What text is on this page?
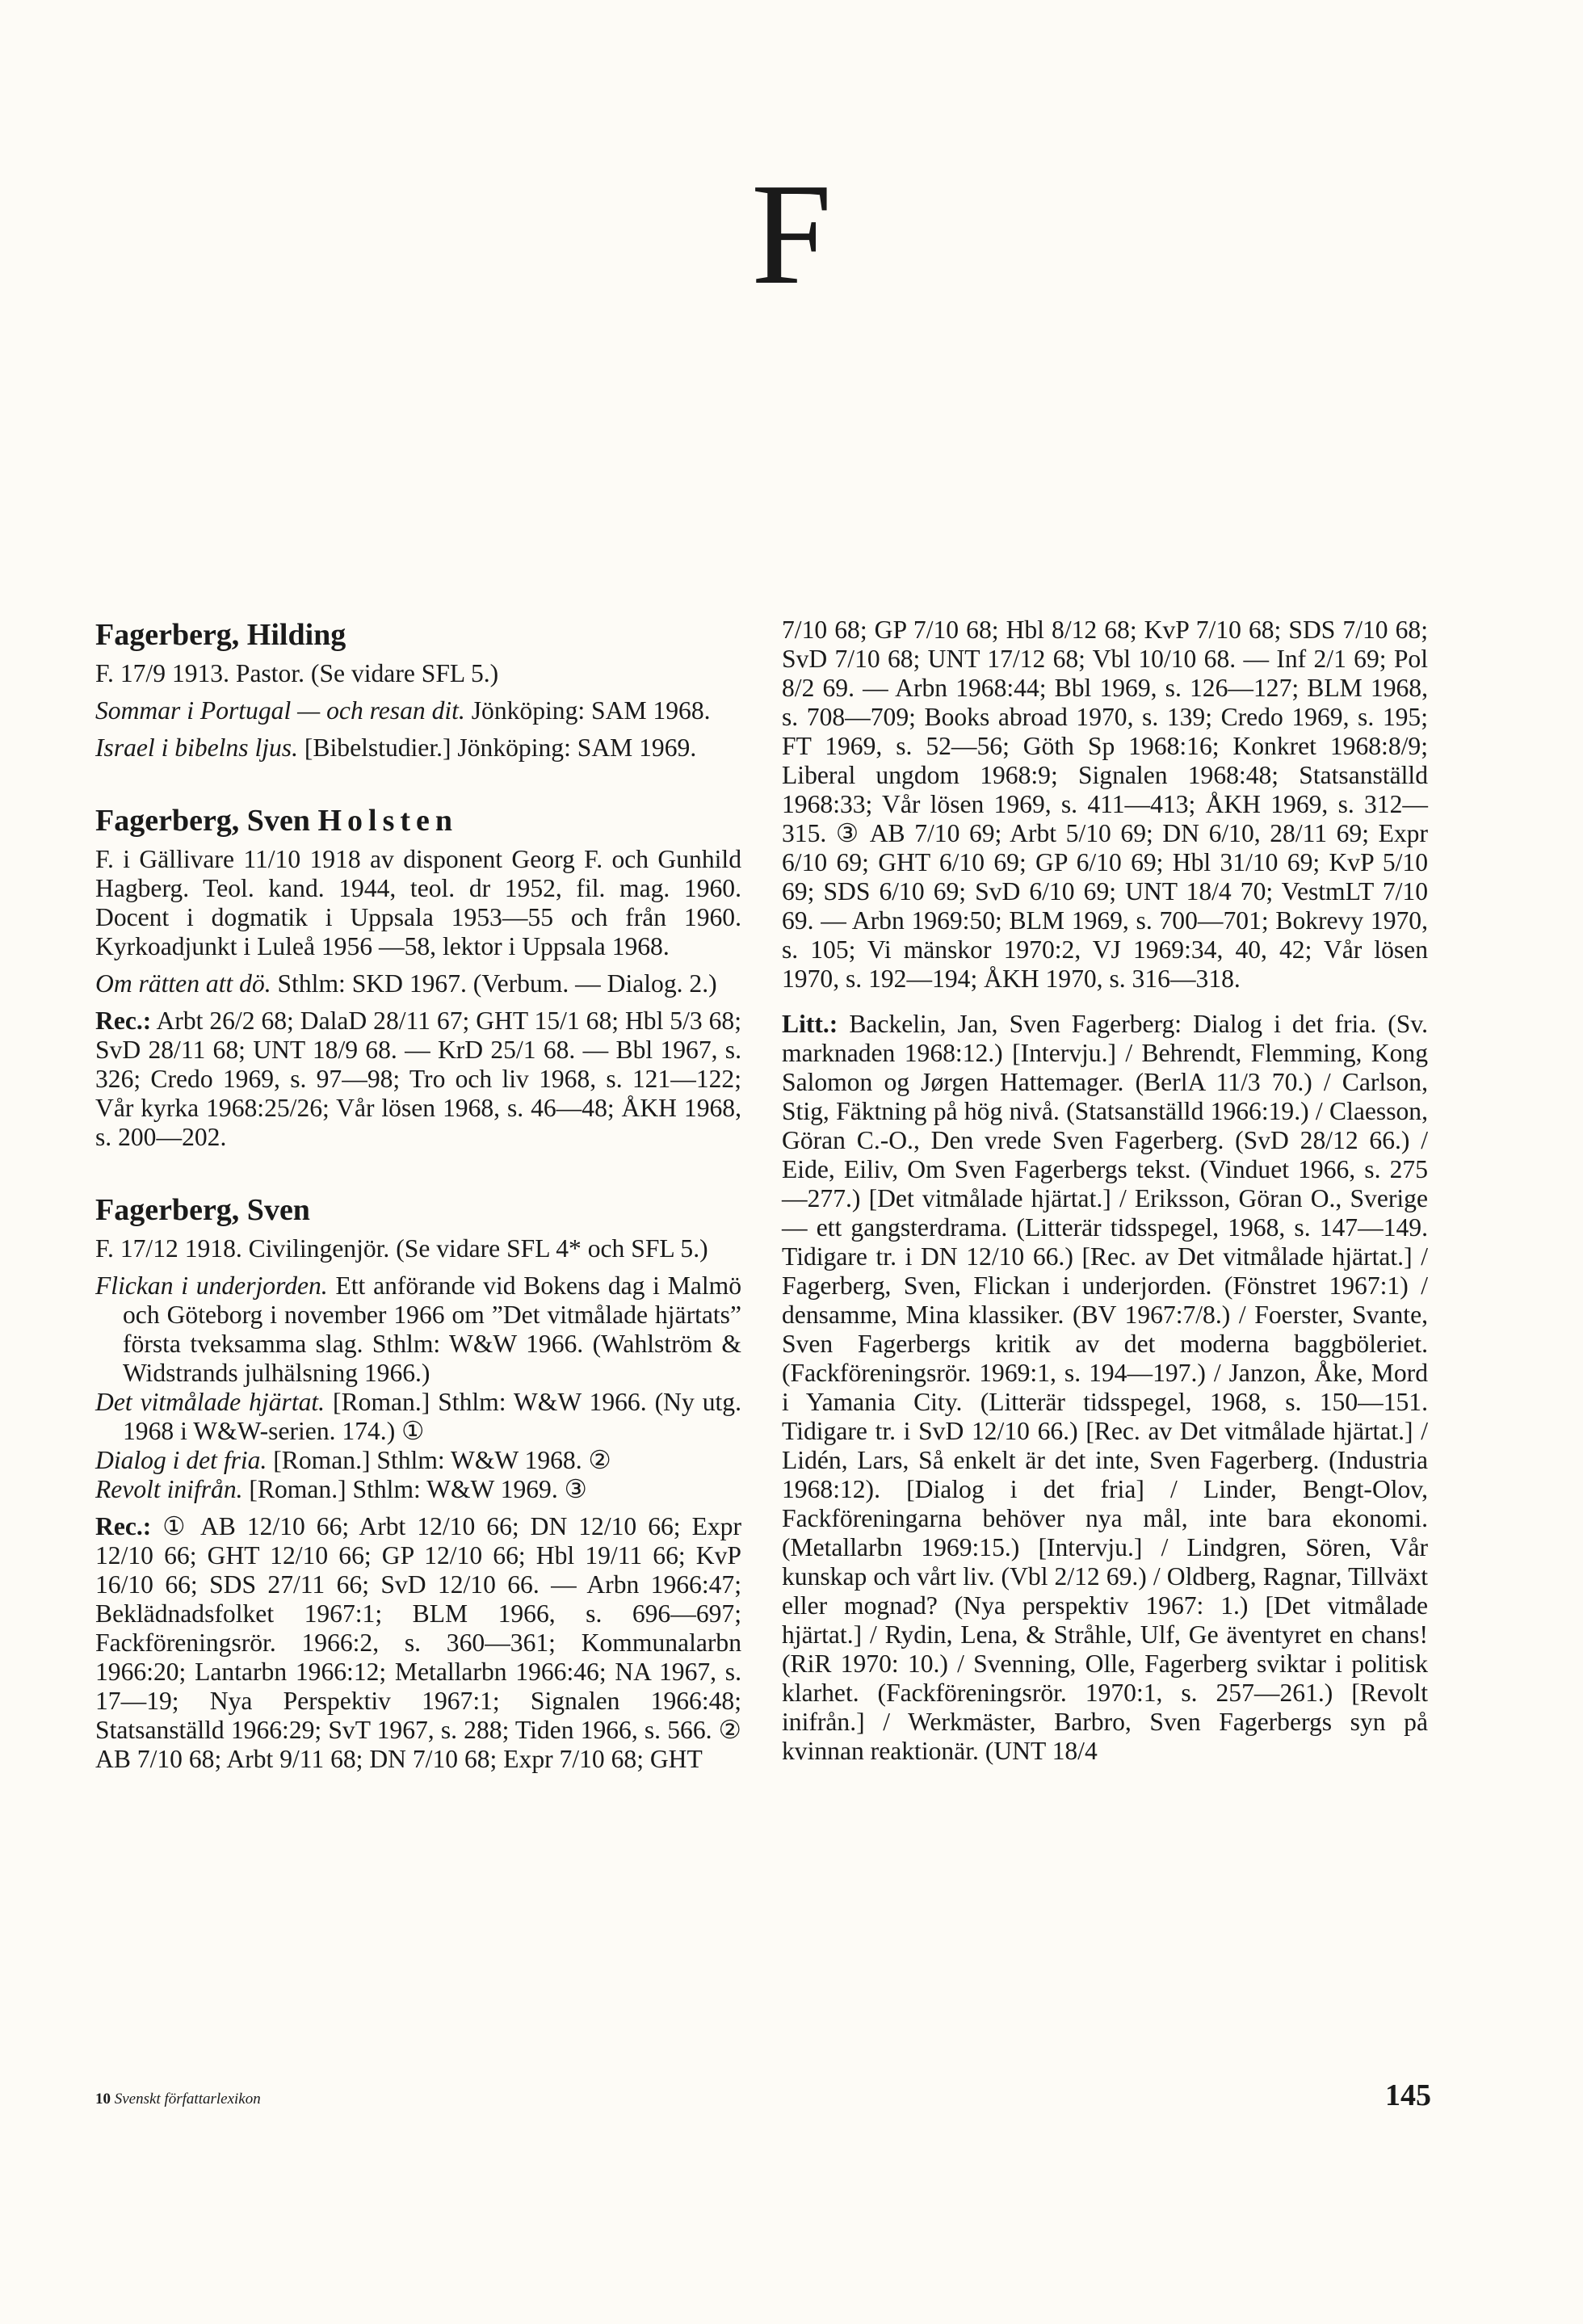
F
Fagerberg, Hilding
F. 17/9 1913. Pastor. (Se vidare SFL 5.)
Sommar i Portugal — och resan dit. Jönköping: SAM 1968.
Israel i bibelns ljus. [Bibelstudier.] Jönköping: SAM 1969.
Fagerberg, Sven Holsten
F. i Gällivare 11/10 1918 av disponent Georg F. och Gunhild Hagberg. Teol. kand. 1944, teol. dr 1952, fil. mag. 1960. Docent i dogmatik i Uppsala 1953—55 och från 1960. Kyrkoadjunkt i Luleå 1956 —58, lektor i Uppsala 1968.
Om rätten att dö. Sthlm: SKD 1967. (Verbum. — Dialog. 2.)
Rec.: Arbt 26/2 68; DalaD 28/11 67; GHT 15/1 68; Hbl 5/3 68; SvD 28/11 68; UNT 18/9 68. — KrD 25/1 68. — Bbl 1967, s. 326; Credo 1969, s. 97—98; Tro och liv 1968, s. 121—122; Vår kyrka 1968:25/26; Vår lösen 1968, s. 46—48; ÅKH 1968, s. 200—202.
Fagerberg, Sven
F. 17/12 1918. Civilingenjör. (Se vidare SFL 4* och SFL 5.)
Flickan i underjorden. Ett anförande vid Bokens dag i Malmö och Göteborg i november 1966 om ”Det vitmålade hjärtats” första tveksamma slag. Sthlm: W&W 1966. (Wahlström & Widstrands julhälsning 1966.)
Det vitmålade hjärtat. [Roman.] Sthlm: W&W 1966. (Ny utg. 1968 i W&W-serien. 174.) ①
Dialog i det fria. [Roman.] Sthlm: W&W 1968. ②
Revolt inifrån. [Roman.] Sthlm: W&W 1969. ③
Rec.: ① AB 12/10 66; Arbt 12/10 66; DN 12/10 66; Expr 12/10 66; GHT 12/10 66; GP 12/10 66; Hbl 19/11 66; KvP 16/10 66; SDS 27/11 66; SvD 12/10 66. — Arbn 1966:47; Beklädnadsfolket 1967:1; BLM 1966, s. 696—697; Fackföreningsrör. 1966:2, s. 360—361; Kommunalarbn 1966:20; Lantarbn 1966:12; Metallarbn 1966:46; NA 1967, s. 17—19; Nya Perspektiv 1967:1; Signalen 1966:48; Statsanställd 1966:29; SvT 1967, s. 288; Tiden 1966, s. 566. ② AB 7/10 68; Arbt 9/11 68; DN 7/10 68; Expr 7/10 68; GHT
7/10 68; GP 7/10 68; Hbl 8/12 68; KvP 7/10 68; SDS 7/10 68; SvD 7/10 68; UNT 17/12 68; Vbl 10/10 68. — Inf 2/1 69; Pol 8/2 69. — Arbn 1968:44; Bbl 1969, s. 126—127; BLM 1968, s. 708—709; Books abroad 1970, s. 139; Credo 1969, s. 195; FT 1969, s. 52—56; Göth Sp 1968:16; Konkret 1968:8/9; Liberal ungdom 1968:9; Signalen 1968:48; Statsanställd 1968:33; Vår lösen 1969, s. 411—413; ÅKH 1969, s. 312—315. ③ AB 7/10 69; Arbt 5/10 69; DN 6/10, 28/11 69; Expr 6/10 69; GHT 6/10 69; GP 6/10 69; Hbl 31/10 69; KvP 5/10 69; SDS 6/10 69; SvD 6/10 69; UNT 18/4 70; VestmLT 7/10 69. — Arbn 1969:50; BLM 1969, s. 700—701; Bokrevy 1970, s. 105; Vi mänskor 1970:2, VJ 1969:34, 40, 42; Vår lösen 1970, s. 192—194; ÅKH 1970, s. 316—318.
Litt.: Backelin, Jan, Sven Fagerberg: Dialog i det fria. (Sv. marknaden 1968:12.) [Intervju.] / Behrendt, Flemming, Kong Salomon og Jørgen Hattemager. (BerlA 11/3 70.) / Carlson, Stig, Fäktning på hög nivå. (Statsanställd 1966:19.) / Claesson, Göran C.-O., Den vrede Sven Fagerberg. (SvD 28/12 66.) / Eide, Eiliv, Om Sven Fagerbergs tekst. (Vinduet 1966, s. 275—277.) [Det vitmålade hjärtat.] / Eriksson, Göran O., Sverige — ett gangsterdrama. (Litterär tidsspegel, 1968, s. 147—149. Tidigare tr. i DN 12/10 66.) [Rec. av Det vitmålade hjärtat.] / Fagerberg, Sven, Flickan i underjorden. (Fönstret 1967:1) / densamme, Mina klassiker. (BV 1967:7/8.) / Foerster, Svante, Sven Fagerbergs kritik av det moderna baggböleriet. (Fackföreningsrör. 1969:1, s. 194—197.) / Janzon, Åke, Mord i Yamania City. (Litterär tidsspegel, 1968, s. 150—151. Tidigare tr. i SvD 12/10 66.) [Rec. av Det vitmålade hjärtat.] / Lidén, Lars, Så enkelt är det inte, Sven Fagerberg. (Industria 1968:12). [Dialog i det fria] / Linder, Bengt-Olov, Fackföreningarna behöver nya mål, inte bara ekonomi. (Metallarbn 1969:15.) [Intervju.] / Lindgren, Sören, Vår kunskap och vårt liv. (Vbl 2/12 69.) / Oldberg, Ragnar, Tillväxt eller mognad? (Nya perspektiv 1967: 1.) [Det vitmålade hjärtat.] / Rydin, Lena, & Stråhle, Ulf, Ge äventyret en chans! (RiR 1970: 10.) / Svenning, Olle, Fagerberg sviktar i politisk klarhet. (Fackföreningsrör. 1970:1, s. 257—261.) [Revolt inifrån.] / Werkmäster, Barbro, Sven Fagerbergs syn på kvinnan reaktionär. (UNT 18/4
10 Svenskt författarlexikon	145
